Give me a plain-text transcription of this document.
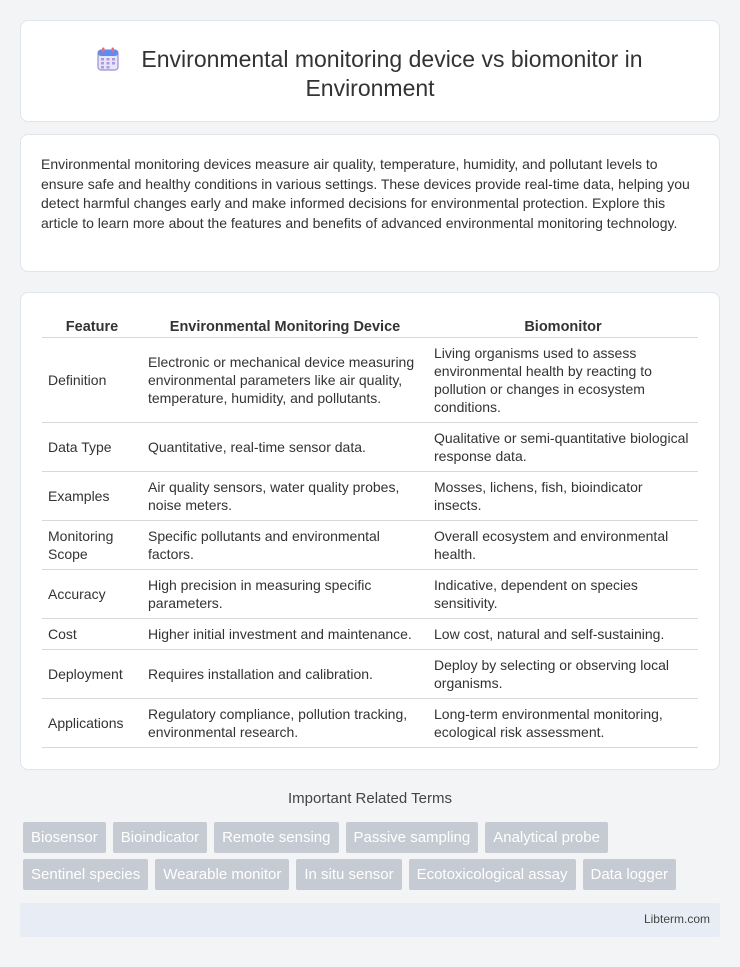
Environmental monitoring device vs biomonitor in
Environment

Environmental monitoring devices measure air quality, temperature, humidity, and pollutant levels to ensure safe and healthy conditions in various settings. These devices provide real-time data, helping you detect harmful changes early and make informed decisions for environmental protection. Explore this article to learn more about the features and benefits of advanced environmental monitoring technology.

Feature	Environmental Monitoring Device	Biomonitor
Definition	Electronic or mechanical device measuring environmental parameters like air quality, temperature, humidity, and pollutants.	Living organisms used to assess environmental health by reacting to pollution or changes in ecosystem conditions.
Data Type	Quantitative, real-time sensor data.	Qualitative or semi-quantitative biological response data.
Examples	Air quality sensors, water quality probes, noise meters.	Mosses, lichens, fish, bioindicator insects.
Monitoring Scope	Specific pollutants and environmental factors.	Overall ecosystem and environmental health.
Accuracy	High precision in measuring specific parameters.	Indicative, dependent on species sensitivity.
Cost	Higher initial investment and maintenance.	Low cost, natural and self-sustaining.
Deployment	Requires installation and calibration.	Deploy by selecting or observing local organisms.
Applications	Regulatory compliance, pollution tracking, environmental research.	Long-term environmental monitoring, ecological risk assessment.
Important Related Terms
Biosensor	Bioindicator	Remote sensing	Passive sampling	Analytical probe
Sentinel species	Wearable monitor	In situ sensor	Ecotoxicological assay	Data logger
Libterm.com
